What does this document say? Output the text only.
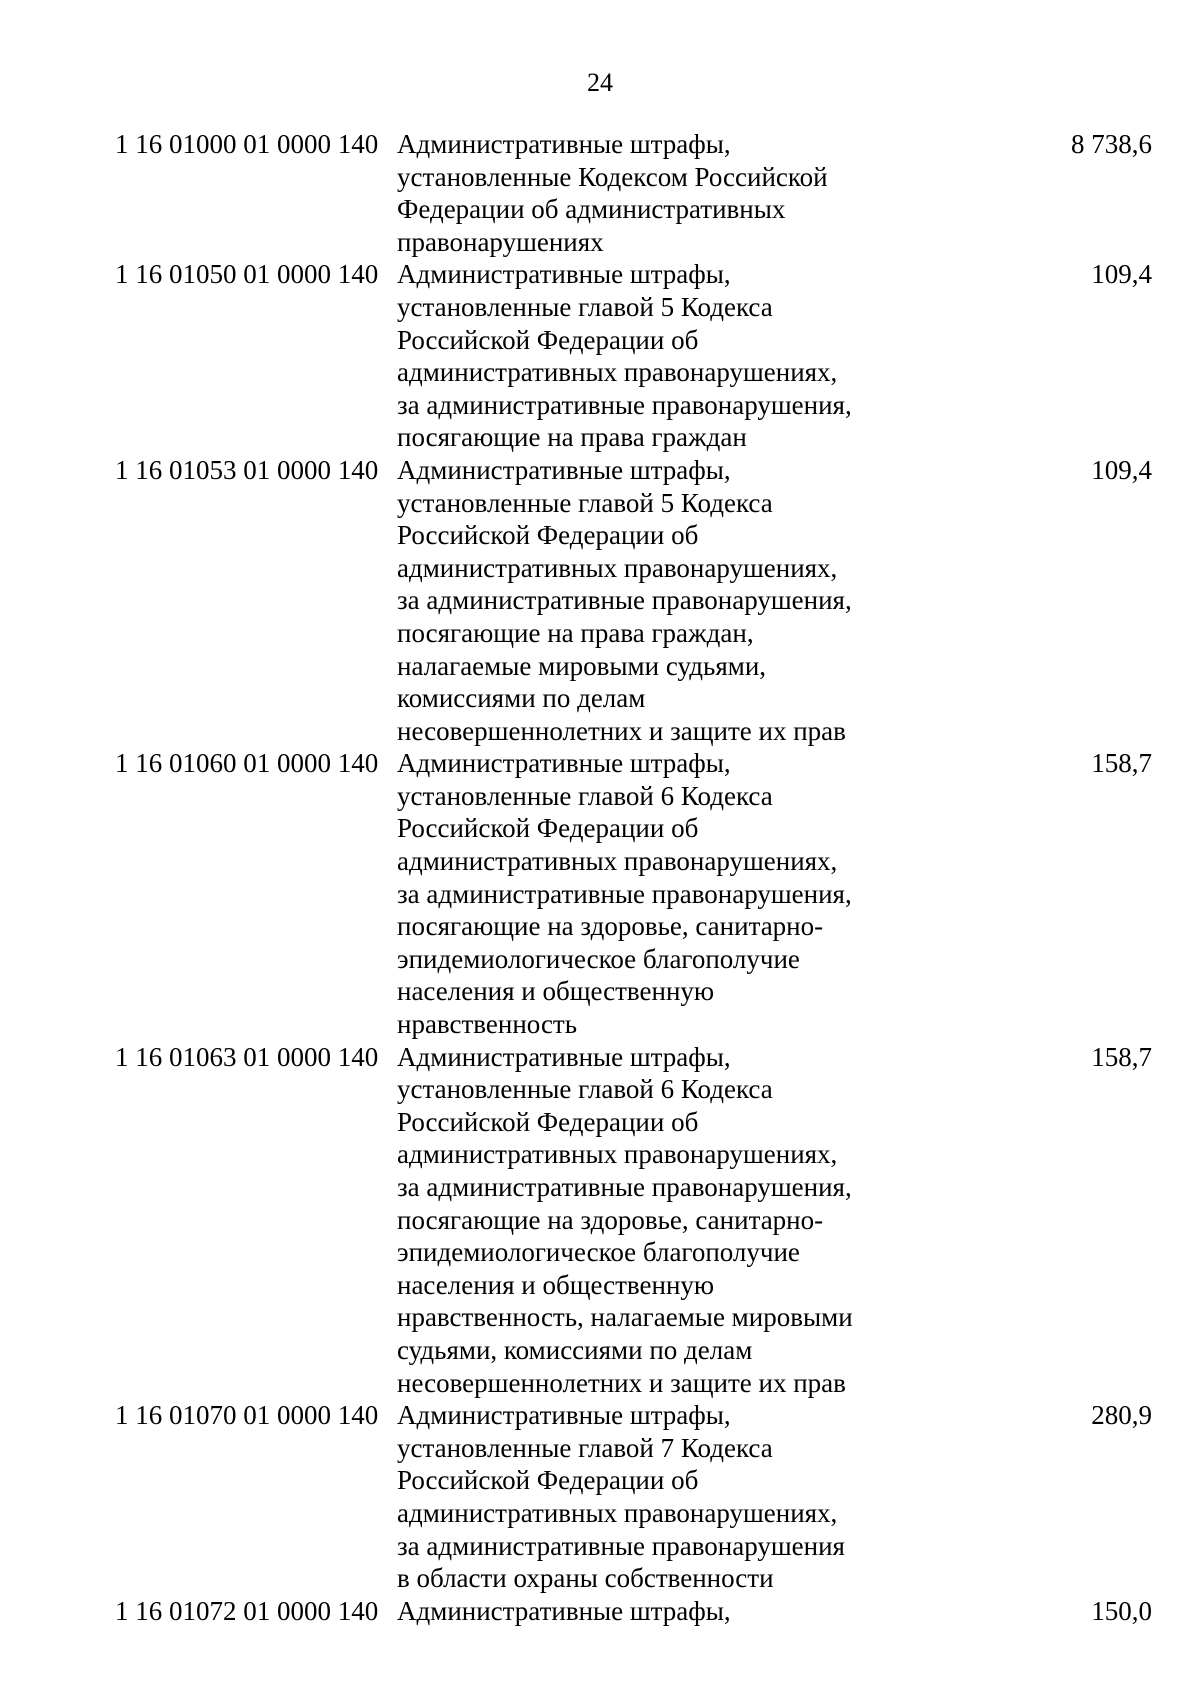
24
1 16 01000 01 0000 140 Административные штрафы,
установленные Кодексом Российской
Федерации об административных
правонарушениях
8 738,6
1 16 01050 01 0000 140 Административные штрафы,
установленные главой 5 Кодекса
Российской Федерации об
административных правонарушениях,
за административные правонарушения,
посягающие на права граждан
109,4
1 16 01053 01 0000 140 Административные штрафы,
установленные главой 5 Кодекса
Российской Федерации об
административных правонарушениях,
за административные правонарушения,
посягающие на права граждан,
налагаемые мировыми судьями,
комиссиями по делам
несовершеннолетних и защите их прав
109,4
1 16 01060 01 0000 140 Административные штрафы,
установленные главой 6 Кодекса
Российской Федерации об
административных правонарушениях,
за административные правонарушения,
посягающие на здоровье, санитарно-
эпидемиологическое благополучие
населения и общественную
нравственность
158,7
1 16 01063 01 0000 140 Административные штрафы,
установленные главой 6 Кодекса
Российской Федерации об
административных правонарушениях,
за административные правонарушения,
посягающие на здоровье, санитарно-
эпидемиологическое благополучие
населения и общественную
нравственность, налагаемые мировыми
судьями, комиссиями по делам
несовершеннолетних и защите их прав
158,7
1 16 01070 01 0000 140 Административные штрафы,
установленные главой 7 Кодекса
Российской Федерации об
административных правонарушениях,
за административные правонарушения
в области охраны собственности
280,9
1 16 01072 01 0000 140 Административные штрафы,	150,0
